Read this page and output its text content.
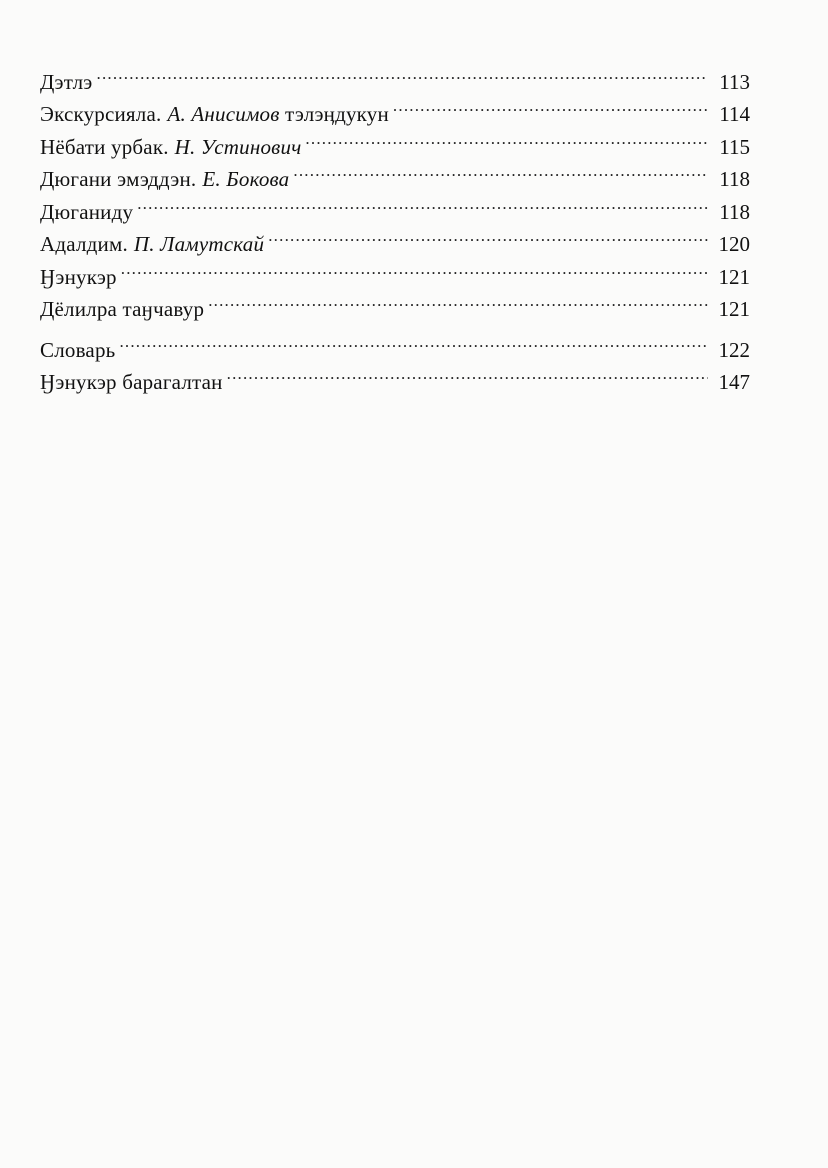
Дэтлэ .....	113
Экскурсияла. А. Анисимов тэлэӊдукун .....	114
Нёбати урбак. Н. Устинович .....	115
Дюгани эмэддэн. Е. Бокова .....	118
Дюганиду .....	118
Адалдим. П. Ламутскай .....	120
Ӈэнукэр .....	121
Дёлилра таӈчавур .....	121
Словарь .....	122
Ӈэнукэр барагалтан .....	147
